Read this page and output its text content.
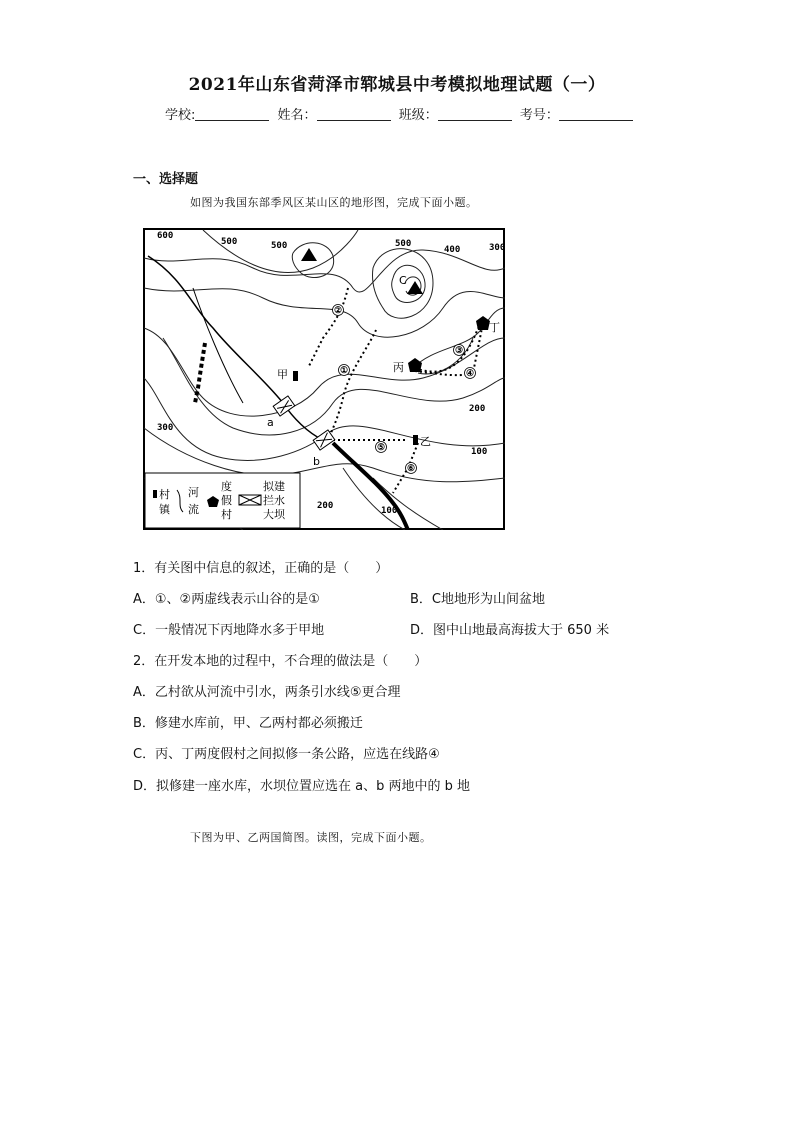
2021年山东省菏泽市郓城县中考模拟地理试题（一）
学校:	姓名：	班级：	考号：
一、选择题
如图为我国东部季风区某山区的地形图，完成下面小题。
600
500	500	500
400	300
300
200
100
200	100
C
a
b
甲
乙
丙
丁
②
①
③
④
⑤
⑥
村
镇
河
流
度
假
村
拟建
拦水
大坝
1．有关图中信息的叙述，正确的是（　　）
A．①、②两虚线表示山谷的是①	B．C地地形为山间盆地
C．一般情况下丙地降水多于甲地	D．图中山地最高海拔大于 650 米
2．在开发本地的过程中，不合理的做法是（　　）
A．乙村欲从河流中引水，两条引水线⑤更合理
B．修建水库前，甲、乙两村都必须搬迁
C．丙、丁两度假村之间拟修一条公路，应选在线路④
D．拟修建一座水库，水坝位置应选在 a、b 两地中的 b 地
下图为甲、乙两国简图。读图，完成下面小题。
